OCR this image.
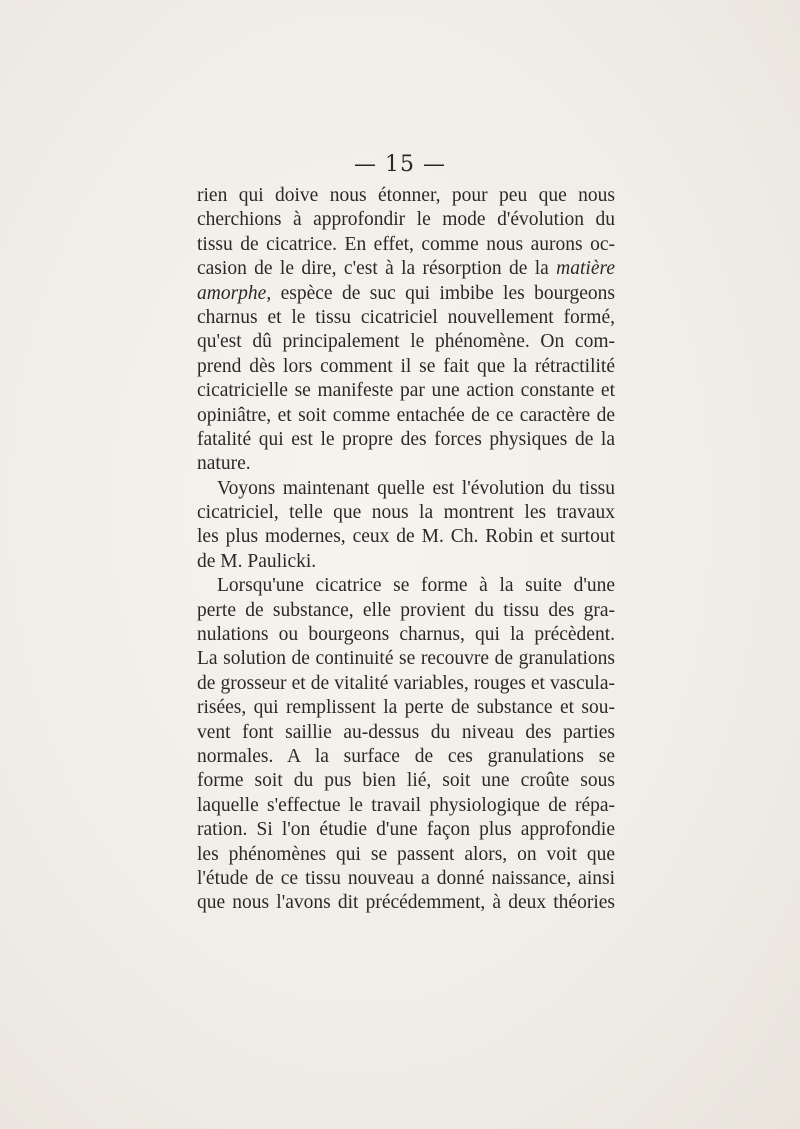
— 15 —
rien qui doive nous étonner, pour peu que nous
cherchions à approfondir le mode d'évolution du
tissu de cicatrice. En effet, comme nous aurons oc-
casion de le dire, c'est à la résorption de la matière
amorphe, espèce de suc qui imbibe les bourgeons
charnus et le tissu cicatriciel nouvellement formé,
qu'est dû principalement le phénomène. On com-
prend dès lors comment il se fait que la rétractilité
cicatricielle se manifeste par une action constante et
opiniâtre, et soit comme entachée de ce caractère de
fatalité qui est le propre des forces physiques de la
nature.
Voyons maintenant quelle est l'évolution du tissu
cicatriciel, telle que nous la montrent les travaux
les plus modernes, ceux de M. Ch. Robin et surtout
de M. Paulicki.
Lorsqu'une cicatrice se forme à la suite d'une
perte de substance, elle provient du tissu des gra-
nulations ou bourgeons charnus, qui la précèdent.
La solution de continuité se recouvre de granulations
de grosseur et de vitalité variables, rouges et vascula-
risées, qui remplissent la perte de substance et sou-
vent font saillie au-dessus du niveau des parties
normales. A la surface de ces granulations se
forme soit du pus bien lié, soit une croûte sous
laquelle s'effectue le travail physiologique de répa-
ration. Si l'on étudie d'une façon plus approfondie
les phénomènes qui se passent alors, on voit que
l'étude de ce tissu nouveau a donné naissance, ainsi
que nous l'avons dit précédemment, à deux théories
